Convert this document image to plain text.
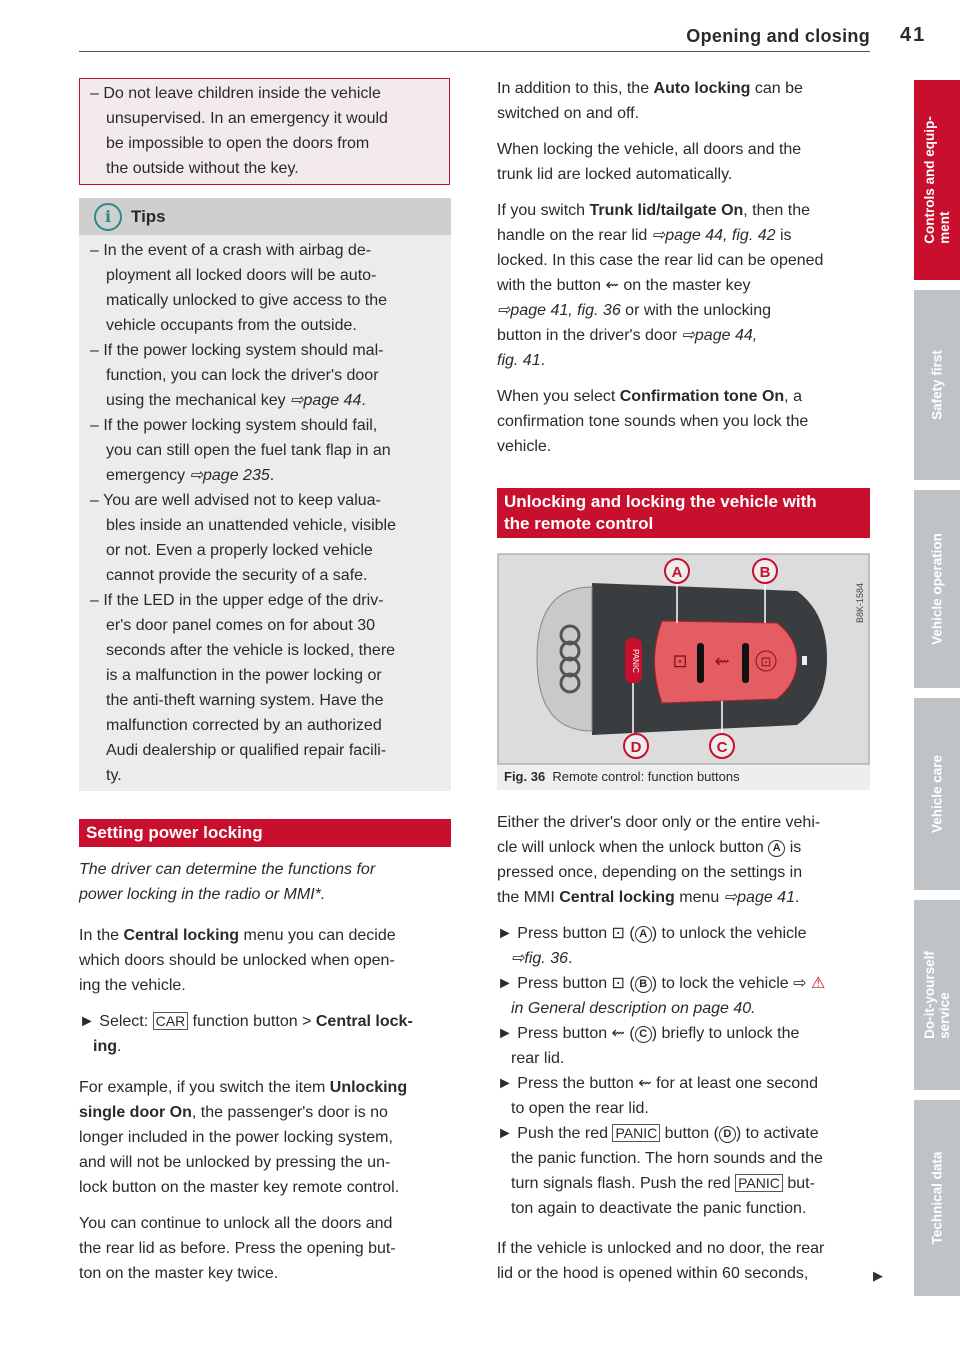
Opening and closing 41
– Do not leave children inside the vehicle
unsupervised. In an emergency it would
be impossible to open the doors from
the outside without the key.
i	Tips
– In the event of a crash with airbag de-
ployment all locked doors will be auto-
matically unlocked to give access to the
vehicle occupants from the outside.
– If the power locking system should mal-
function, you can lock the driver's door
using the mechanical key ⇨page 44.
– If the power locking system should fail,
you can still open the fuel tank flap in an
emergency ⇨page 235.
– You are well advised not to keep valua-
bles inside an unattended vehicle, visible
or not. Even a properly locked vehicle
cannot provide the security of a safe.
– If the LED in the upper edge of the driv-
er's door panel comes on for about 30
seconds after the vehicle is locked, there
is a malfunction in the power locking or
the anti-theft warning system. Have the
malfunction corrected by an authorized
Audi dealership or qualified repair facili-
ty.
Setting power locking
The driver can determine the functions for
power locking in the radio or MMI*.
In the Central locking menu you can decide
which doors should be unlocked when open-
ing the vehicle.
► Select: CAR function button > Central lock-
ing.
For example, if you switch the item Unlocking
single door On, the passenger's door is no
longer included in the power locking system,
and will not be unlocked by pressing the un-
lock button on the master key remote control.
You can continue to unlock all the doors and
the rear lid as before. Press the opening but-
ton on the master key twice.
In addition to this, the Auto locking can be
switched on and off.
When locking the vehicle, all doors and the
trunk lid are locked automatically.
If you switch Trunk lid/tailgate On, then the
handle on the rear lid ⇨page 44, fig. 42 is
locked. In this case the rear lid can be opened
with the button ⇜ on the master key
⇨page 41, fig. 36 or with the unlocking
button in the driver's door ⇨page 44,
fig. 41.
When you select Confirmation tone On, a
confirmation tone sounds when you lock the
vehicle.
Unlocking and locking the vehicle with
the remote control
PANIC ⊡ ⇜ ⊡
A	B
C
D
B8K-1584
Fig. 36 Remote control: function buttons
Either the driver's door only or the entire vehi-
cle will unlock when the unlock button A is
pressed once, depending on the settings in
the MMI Central locking menu ⇨page 41.
► Press button ⊡ ( A ) to unlock the vehicle
⇨fig. 36.
► Press button ⊡ ( B ) to lock the vehicle ⇨ ⚠
in General description on page 40.
► Press button ⇜ ( C ) briefly to unlock the
rear lid.
► Press the button ⇜ for at least one second
to open the rear lid.
► Push the red PANIC button ( D ) to activate
the panic function. The horn sounds and the
turn signals flash. Push the red PANIC but-
ton again to deactivate the panic function.
If the vehicle is unlocked and no door, the rear
lid or the hood is opened within 60 seconds,	▶
Controls and equip-
ment
Safety first
Vehicle operation
Vehicle care
Do-it-yourself
service
Technical data
